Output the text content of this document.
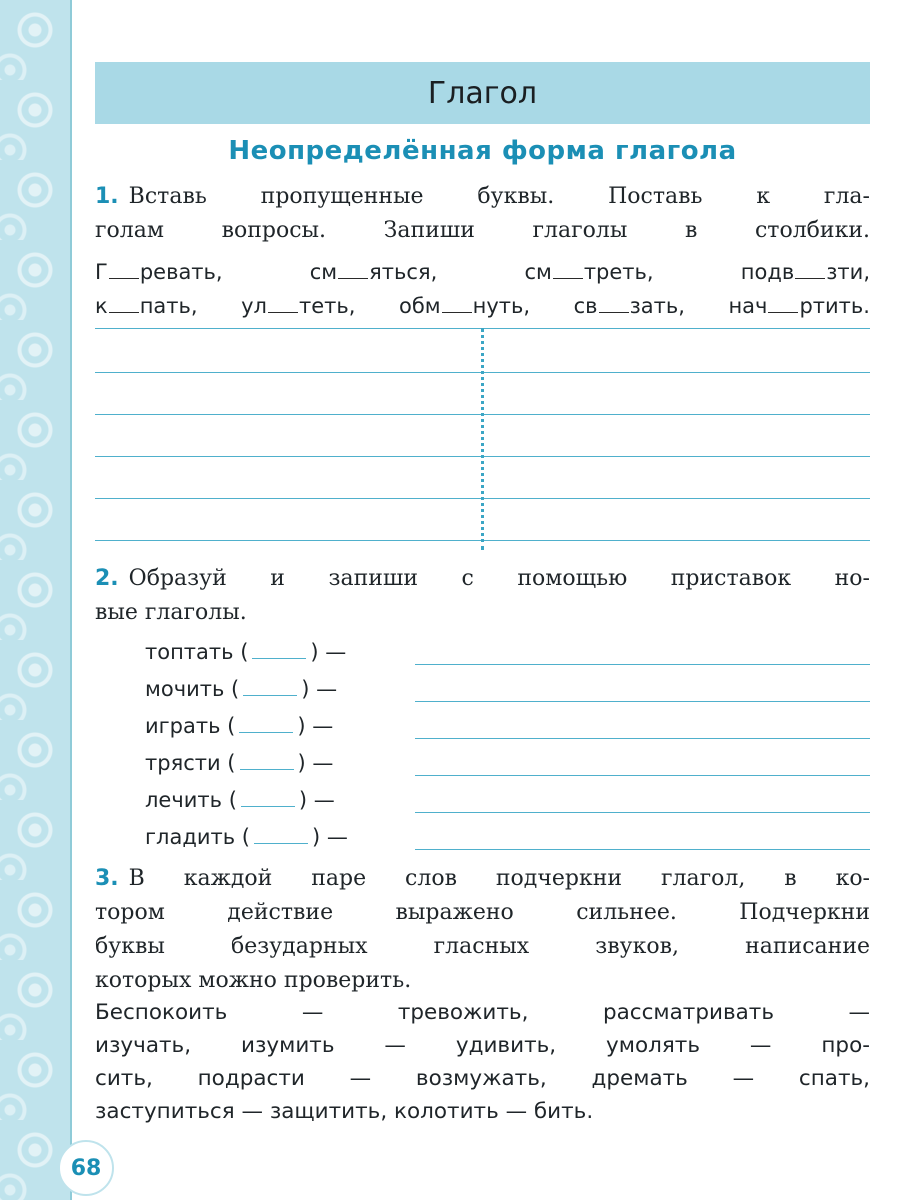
Глагол
Неопределённая форма глагола
1. Вставь пропущенные буквы. Поставь к гла-
голам вопросы. Запиши глаголы в столбики.
Г ревать,	см яться,	см треть,	подв зти,
к пать, ул теть, обм нуть, св зать, нач ртить.
2. Образуй и запиши с помощью приставок но-
вые глаголы.
топтать (	) —
мочить (	) —
играть (	) —
трясти (	) —
лечить (	) —
гладить (	) —
3. В каждой паре слов подчеркни глагол, в ко-
тором действие выражено сильнее. Подчеркни
буквы безударных гласных звуков, написание
которых можно проверить.
Беспокоить — тревожить, рассматривать —
изучать, изумить — удивить, умолять — про-
сить, подрасти — возмужать, дремать — спать,
заступиться — защитить, колотить — бить.
68
